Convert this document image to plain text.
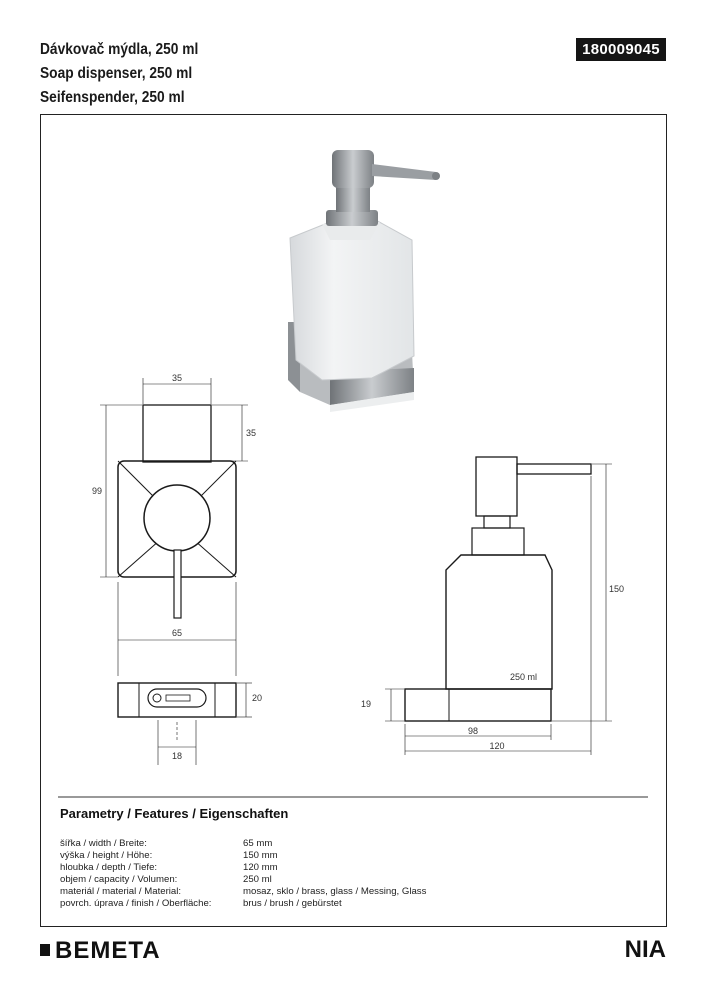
Dávkovač mýdla, 250 ml
Soap dispenser, 250 ml
Seifenspender, 250 ml
180009045
35
35
99
65
20
18
250 ml
150
19
98
120
Parametry / Features / Eigenschaften
šířka / width / Breite:	65 mm
výška / height / Höhe:	150 mm
hloubka / depth / Tiefe:	120 mm
objem / capacity / Volumen:	250 ml
materiál / material / Material:	mosaz, sklo / brass, glass / Messing, Glass
povrch. úprava / finish / Oberfläche:	brus / brush / gebürstet
BEMETA	NIA
